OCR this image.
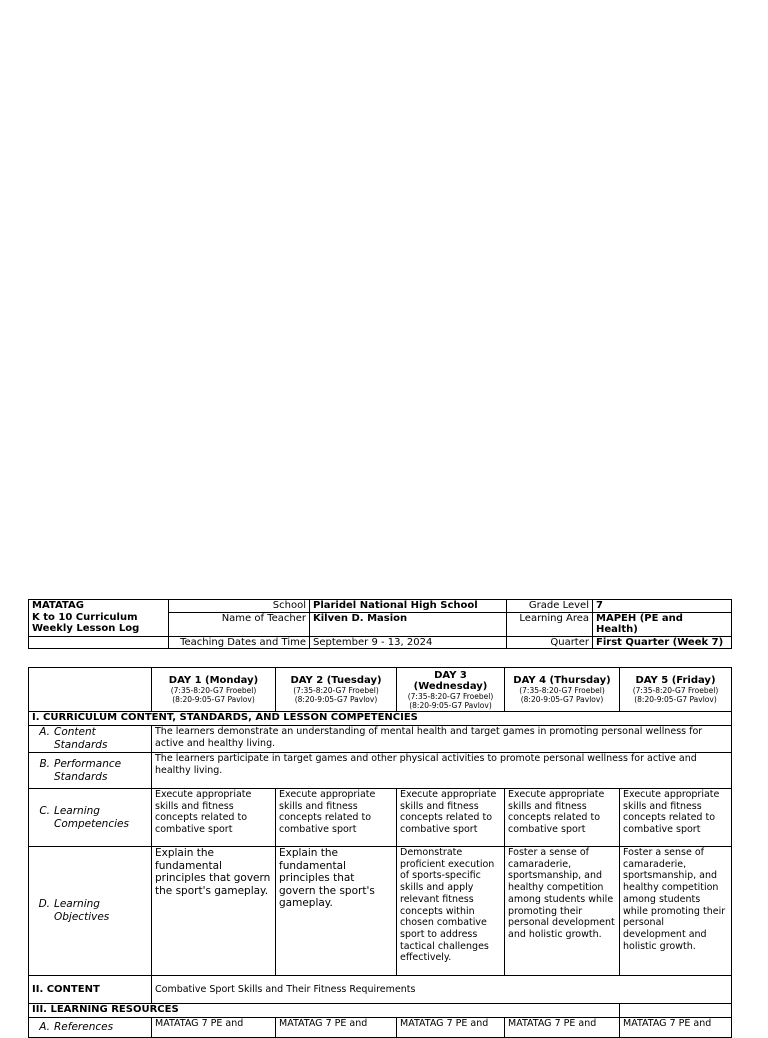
MATATAG
K to 10 Curriculum
Weekly Lesson Log	School	Plaridel National High School	Grade Level	7
	Name of Teacher	Kilven D. Masion	Learning Area	MAPEH (PE and Health)
	Teaching Dates and Time	September 9 - 13, 2024	Quarter	First Quarter (Week 7)
	DAY 1 (Monday)
(7:35-8:20-G7 Froebel)
(8:20-9:05-G7 Pavlov)	DAY 2 (Tuesday)
(7:35-8:20-G7 Froebel)
(8:20-9:05-G7 Pavlov)	DAY 3 (Wednesday)
(7:35-8:20-G7 Froebel)
(8:20-9:05-G7 Pavlov)	DAY 4 (Thursday)
(7:35-8:20-G7 Froebel)
(8:20-9:05-G7 Pavlov)	DAY 5 (Friday)
(7:35-8:20-G7 Froebel)
(8:20-9:05-G7 Pavlov)

I. CURRICULUM CONTENT, STANDARDS, AND LESSON COMPETENCIES					
A. Content Standards	The learners demonstrate an understanding of mental health and target games in promoting personal wellness for active and healthy living.				
B. Performance Standards	The learners participate in target games and other physical activities to promote personal wellness for active and healthy living.				
C. Learning Competencies	Execute appropriate skills and fitness concepts related to combative sport	Execute appropriate skills and fitness concepts related to combative sport	Execute appropriate skills and fitness concepts related to combative sport	Execute appropriate skills and fitness concepts related to combative sport	Execute appropriate skills and fitness concepts related to combative sport
D. Learning Objectives	Explain the fundamental principles that govern the sport's gameplay.	Explain the fundamental principles that govern the sport's gameplay.	Demonstrate proficient execution of sports-specific skills and apply relevant fitness concepts within chosen combative sport to address tactical challenges effectively.	Foster a sense of camaraderie, sportsmanship, and healthy competition among students while promoting their personal development and holistic growth.	Foster a sense of camaraderie, sportsmanship, and healthy competition among students while promoting their personal development and holistic growth.
II. CONTENT	Combative Sport Skills and Their Fitness Requirements				
III. LEARNING RESOURCES					
A. References	MATATAG 7 PE and	MATATAG 7 PE and	MATATAG 7 PE and	MATATAG 7 PE and	MATATAG 7 PE and
